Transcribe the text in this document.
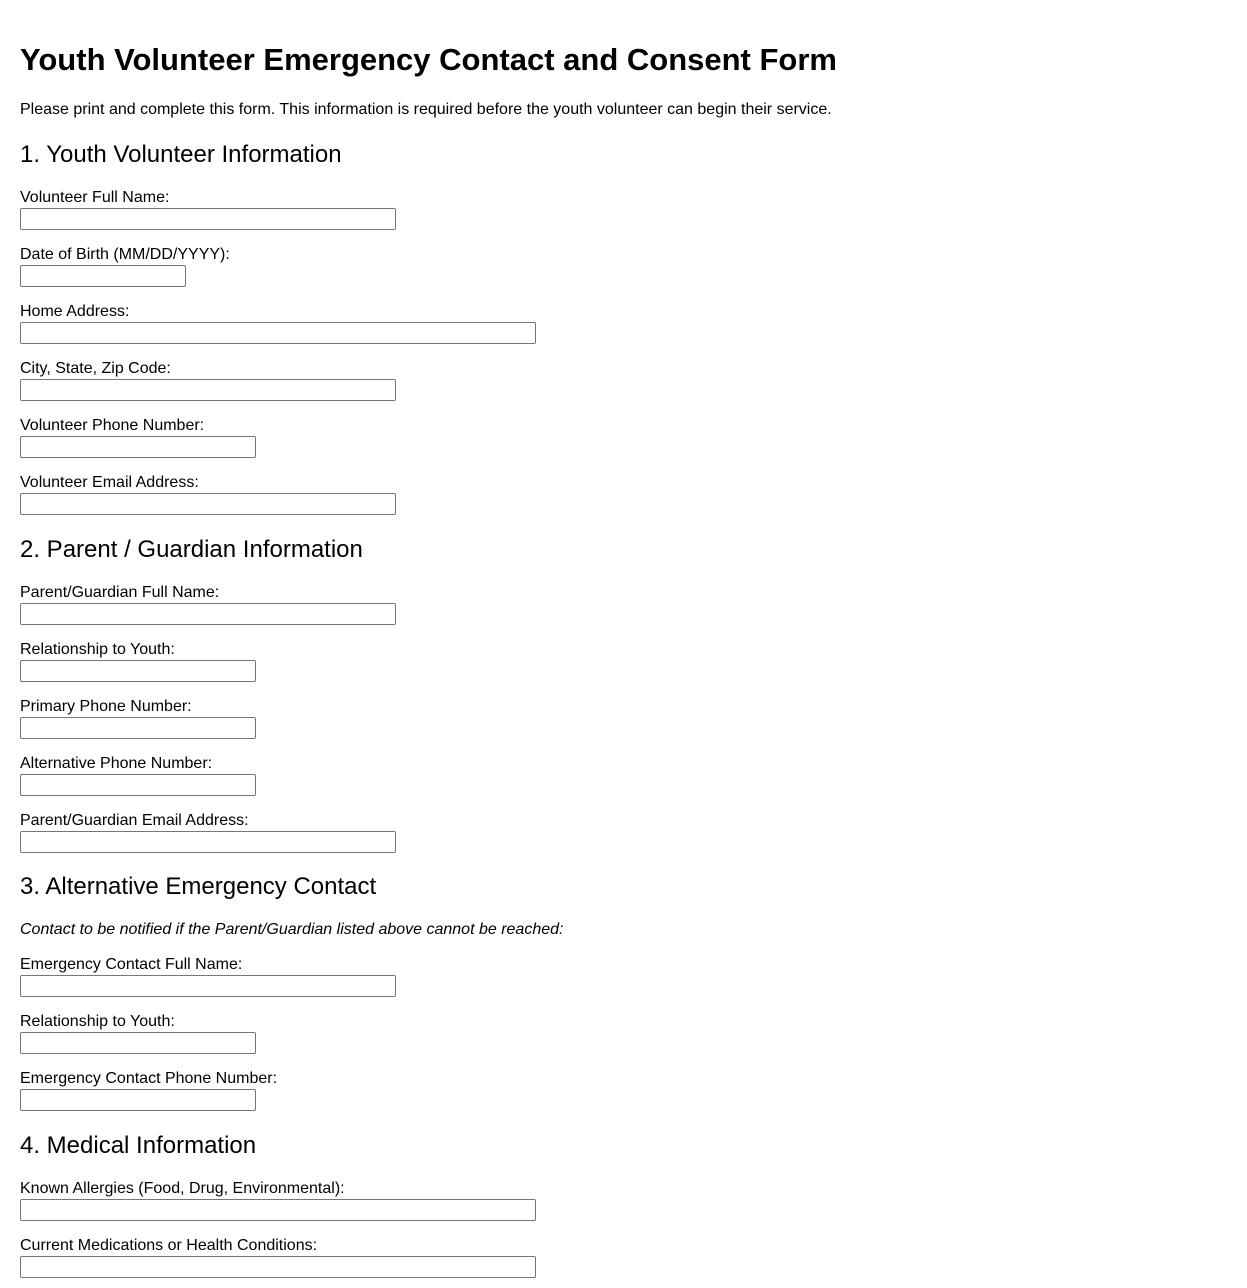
Youth Volunteer Emergency Contact and Consent Form

Please print and complete this form. This information is required before the youth volunteer can begin their service.

1. Youth Volunteer Information
Volunteer Full Name:
Date of Birth (MM/DD/YYYY):
Home Address:
City, State, Zip Code:
Volunteer Phone Number:
Volunteer Email Address:
2. Parent / Guardian Information
Parent/Guardian Full Name:
Relationship to Youth:
Primary Phone Number:
Alternative Phone Number:
Parent/Guardian Email Address:
3. Alternative Emergency Contact

Contact to be notified if the Parent/Guardian listed above cannot be reached:

Emergency Contact Full Name:
Relationship to Youth:
Emergency Contact Phone Number:
4. Medical Information
Known Allergies (Food, Drug, Environmental):
Current Medications or Health Conditions:
